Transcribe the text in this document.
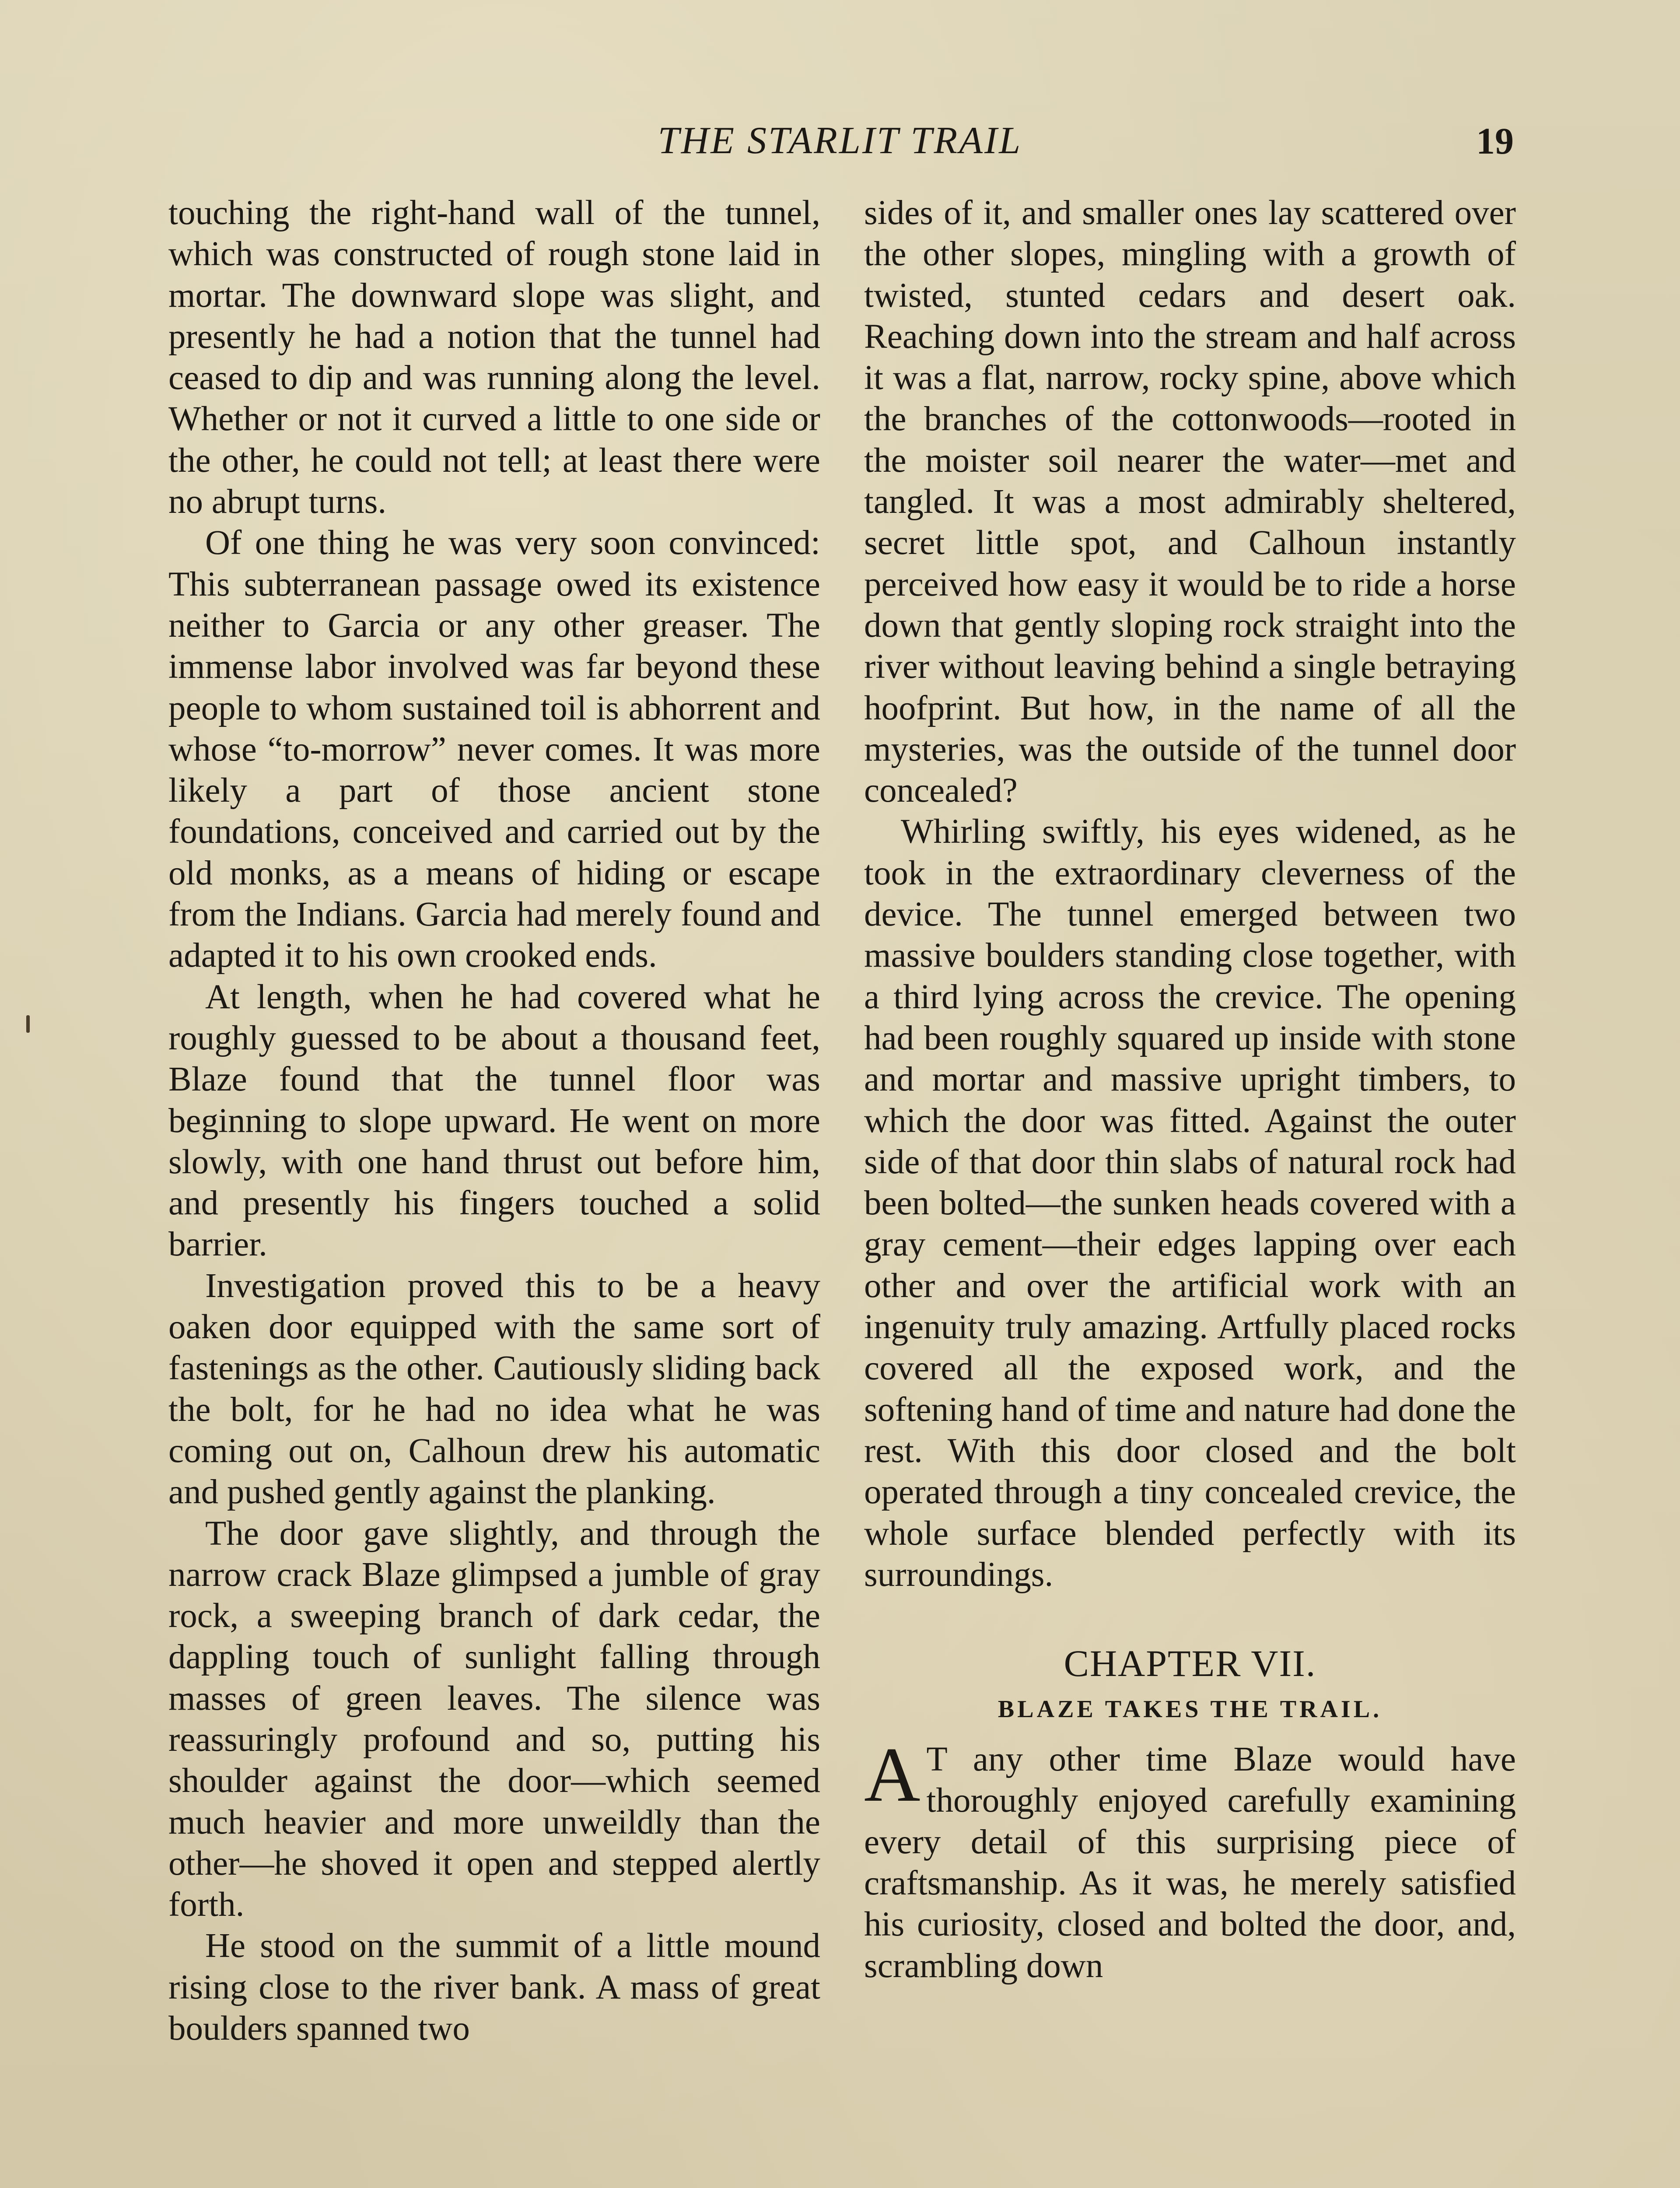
THE STARLIT TRAIL	19

touching the right-hand wall of the tunnel, which was constructed of rough stone laid in mortar. The downward slope was slight, and presently he had a notion that the tunnel had ceased to dip and was running along the level. Whether or not it curved a little to one side or the other, he could not tell; at least there were no abrupt turns.

Of one thing he was very soon convinced: This subterranean passage owed its existence neither to Garcia or any other greaser. The immense labor involved was far beyond these people to whom sustained toil is abhorrent and whose “to-morrow” never comes. It was more likely a part of those ancient stone foundations, conceived and carried out by the old monks, as a means of hiding or escape from the Indians. Garcia had merely found and adapted it to his own crooked ends.

At length, when he had covered what he roughly guessed to be about a thousand feet, Blaze found that the tunnel floor was beginning to slope upward. He went on more slowly, with one hand thrust out before him, and presently his fingers touched a solid barrier.

Investigation proved this to be a heavy oaken door equipped with the same sort of fastenings as the other. Cautiously sliding back the bolt, for he had no idea what he was coming out on, Calhoun drew his automatic and pushed gently against the planking.

The door gave slightly, and through the narrow crack Blaze glimpsed a jumble of gray rock, a sweeping branch of dark cedar, the dappling touch of sunlight falling through masses of green leaves. The silence was reassuringly profound and so, putting his shoulder against the door—which seemed much heavier and more unweildly than the other—he shoved it open and stepped alertly forth.

He stood on the summit of a little mound rising close to the river bank. A mass of great boulders spanned two

sides of it, and smaller ones lay scattered over the other slopes, mingling with a growth of twisted, stunted cedars and desert oak. Reaching down into the stream and half across it was a flat, narrow, rocky spine, above which the branches of the cottonwoods—rooted in the moister soil nearer the water—met and tangled. It was a most admirably sheltered, secret little spot, and Calhoun instantly perceived how easy it would be to ride a horse down that gently sloping rock straight into the river without leaving behind a single betraying hoofprint. But how, in the name of all the mysteries, was the outside of the tunnel door concealed?

Whirling swiftly, his eyes widened, as he took in the extraordinary cleverness of the device. The tunnel emerged between two massive boulders standing close together, with a third lying across the crevice. The opening had been roughly squared up inside with stone and mortar and massive upright timbers, to which the door was fitted. Against the outer side of that door thin slabs of natural rock had been bolted—the sunken heads covered with a gray cement—their edges lapping over each other and over the artificial work with an ingenuity truly amazing. Artfully placed rocks covered all the exposed work, and the softening hand of time and nature had done the rest. With this door closed and the bolt operated through a tiny concealed crevice, the whole surface blended perfectly with its surroundings.

CHAPTER VII.
BLAZE TAKES THE TRAIL.

A T any other time Blaze would have thoroughly enjoyed carefully examining every detail of this surprising piece of craftsmanship. As it was, he merely satisfied his curiosity, closed and bolted the door, and, scrambling down
